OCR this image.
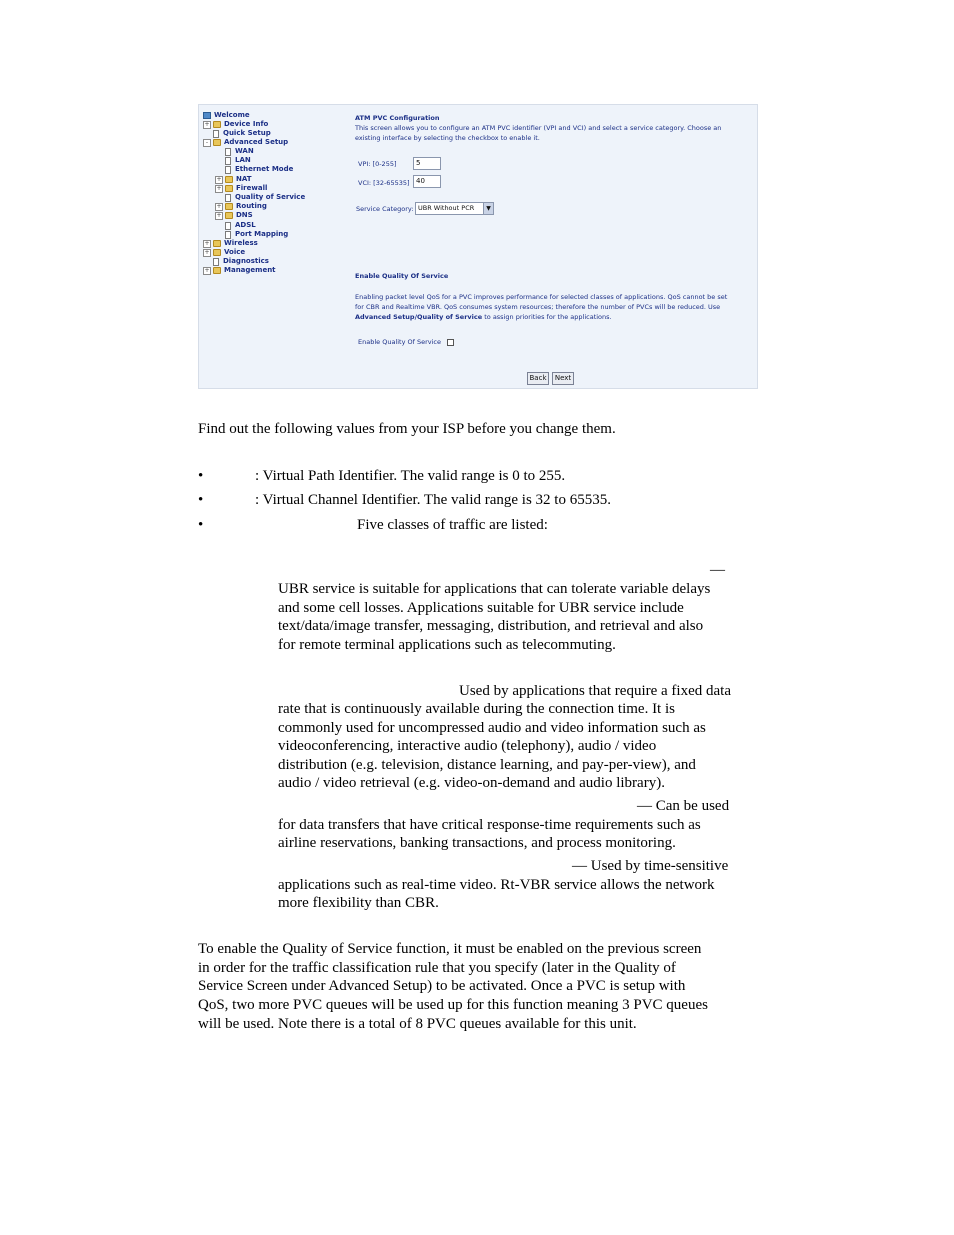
Welcome
+ Device Info
Quick Setup
-	Advanced Setup
WAN
LAN
Ethernet Mode
+ NAT
+ Firewall
Quality of Service
+ Routing
+ DNS
ADSL
Port Mapping
+ Wireless
+ Voice
Diagnostics
+ Management
ATM PVC Configuration
This screen allows you to configure an ATM PVC identifier (VPI and VCI) and select a service category. Choose an
existing interface by selecting the checkbox to enable it.
VPI: [0-255]	5
VCI: [32-65535] 40
Service Category: UBR Without PCR	▼
Enable Quality Of Service
Enabling packet level QoS for a PVC improves performance for selected classes of applications. QoS cannot be set
for CBR and Realtime VBR. QoS consumes system resources; therefore the number of PVCs will be reduced. Use
Advanced Setup/Quality of Service to assign priorities for the applications.
Enable Quality Of Service
Back	Next
Find out the following values from your ISP before you change them.
•	: Virtual Path Identifier. The valid range is 0 to 255.
•	: Virtual Channel Identifier. The valid range is 32 to 65535.
•	Five classes of traffic are listed:
—
UBR service is suitable for applications that can tolerate variable delays
and some cell losses. Applications suitable for UBR service include
text/data/image transfer, messaging, distribution, and retrieval and also
for remote terminal applications such as telecommuting.
Used by applications that require a fixed data
rate that is continuously available during the connection time. It is
commonly used for uncompressed audio and video information such as
videoconferencing, interactive audio (telephony), audio / video
distribution (e.g. television, distance learning, and pay-per-view), and
audio / video retrieval (e.g. video-on-demand and audio library).
— Can be used
for data transfers that have critical response-time requirements such as
airline reservations, banking transactions, and process monitoring.
— Used by time-sensitive
applications such as real-time video. Rt-VBR service allows the network
more flexibility than CBR.
To enable the Quality of Service function, it must be enabled on the previous screen
in order for the traffic classification rule that you specify (later in the Quality of
Service Screen under Advanced Setup) to be activated. Once a PVC is setup with
QoS, two more PVC queues will be used up for this function meaning 3 PVC queues
will be used. Note there is a total of 8 PVC queues available for this unit.
